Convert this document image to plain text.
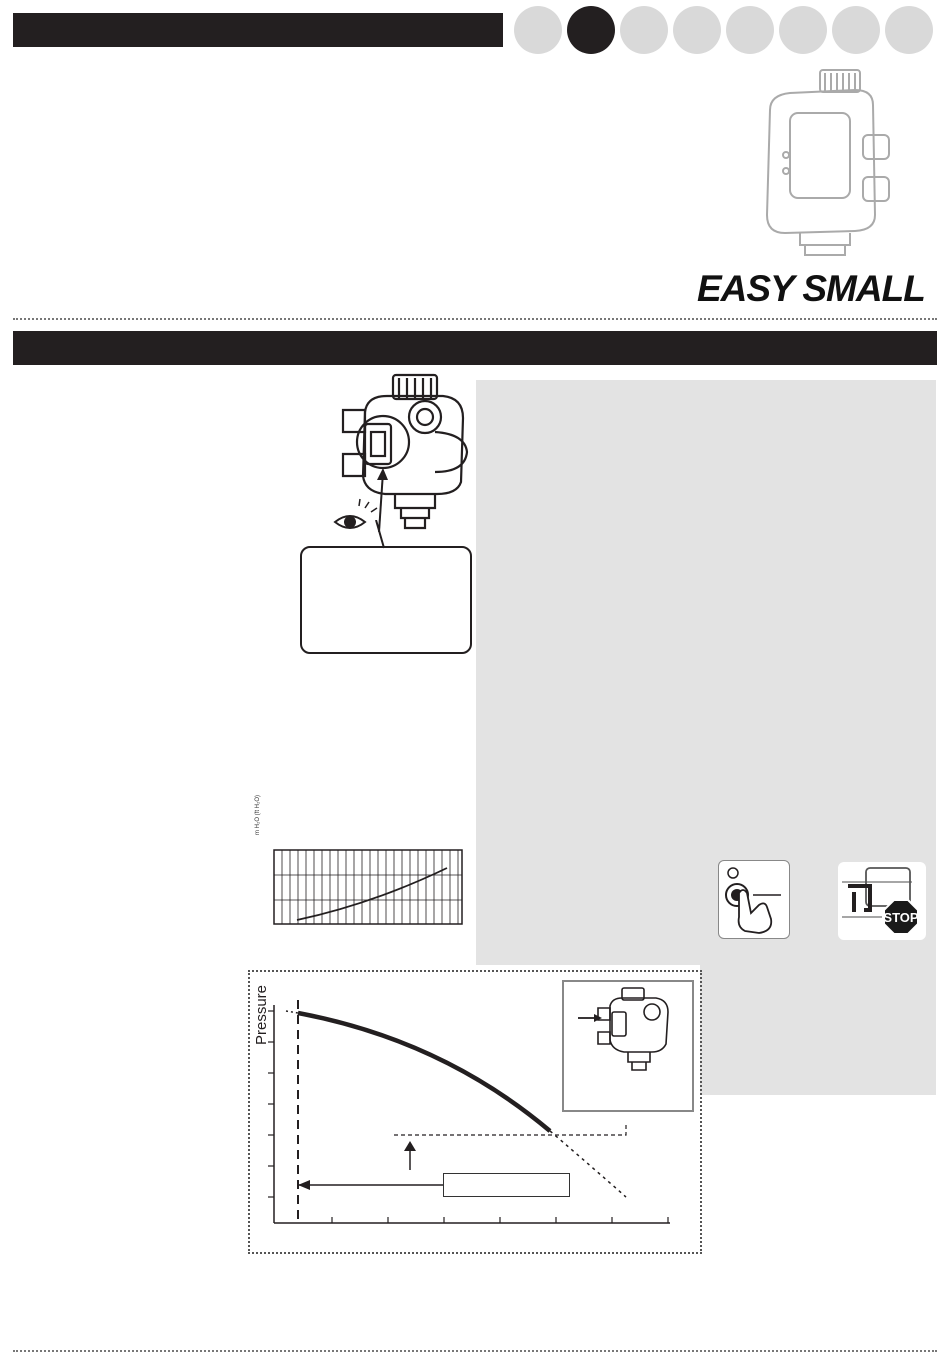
EASY SMALL
m H₂O (ft H₂O)
STOP
Pressure
